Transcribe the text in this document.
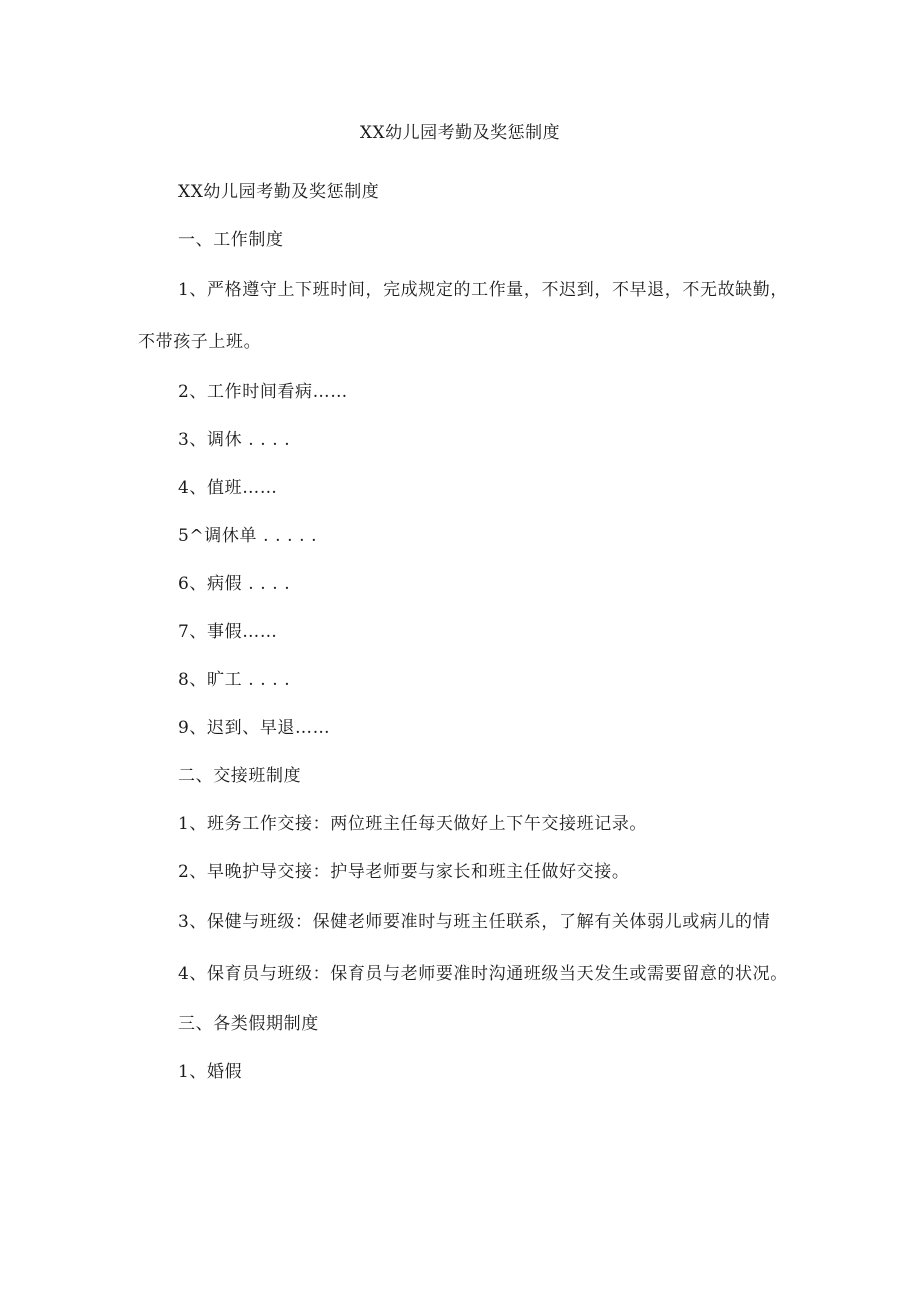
XX幼儿园考勤及奖惩制度

XX幼儿园考勤及奖惩制度

一、工作制度

1、严格遵守上下班时间，完成规定的工作量，不迟到，不早退，不无故缺勤，不带孩子上班。

2、工作时间看病……

3、调休 . . . .

4、值班……

5^调休单 . . . . .

6、病假 . . . .

7、事假……

8、旷工 . . . .

9、迟到、早退……

二、交接班制度

1、班务工作交接：两位班主任每天做好上下午交接班记录。

2、早晚护导交接：护导老师要与家长和班主任做好交接。

3、保健与班级：保健老师要准时与班主任联系，了解有关体弱儿或病儿的情

4、保育员与班级：保育员与老师要准时沟通班级当天发生或需要留意的状况。

三、各类假期制度

1、婚假
